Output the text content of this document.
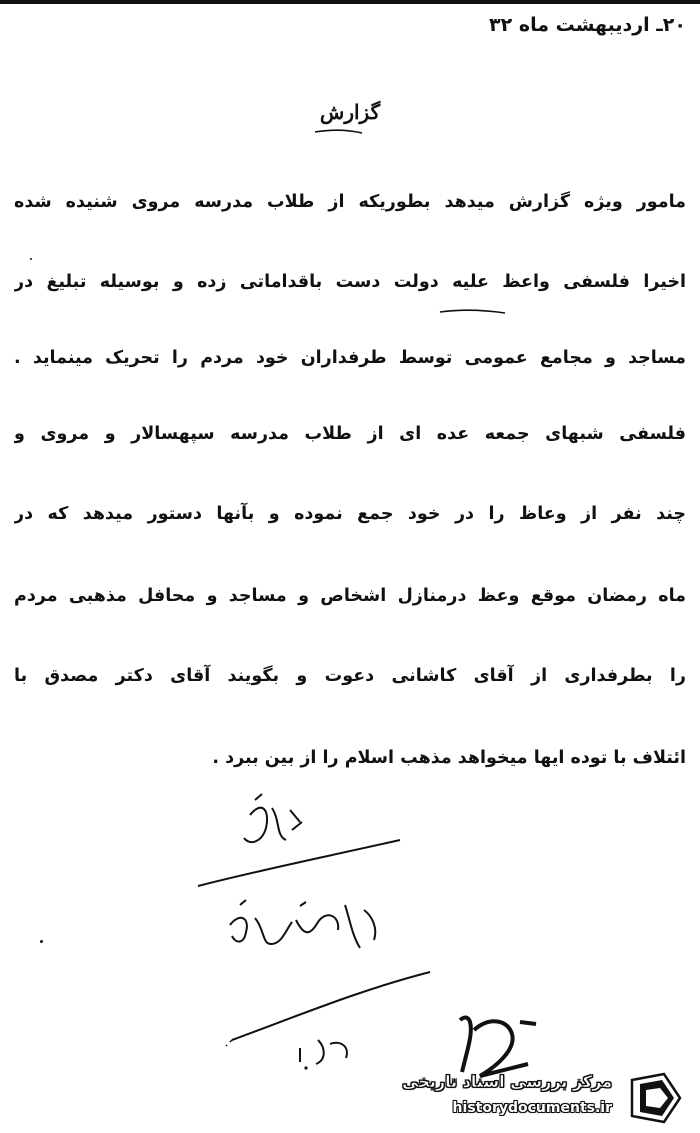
۲۰ـ اردیبهشت ماه ۳۲
گزارش
مامور ویژه گزارش میدهد بطوریکه از طلاب مدرسه مروی شنیده شده
اخیرا فلسفی واعظ علیه دولت دست باقداماتی زده و بوسیله تبلیغ در
مساجد و مجامع عمومی توسط طرفداران خود مردم را تحریک مینماید .
فلسفی شبهای جمعه عده ای از طلاب مدرسه سپهسالار و مروی و
چند نفر از وعاظ را در خود جمع نموده و بآنها دستور میدهد که در
ماه رمضان موقع وعظ درمنازل اشخاص و مساجد و محافل مذهبی مردم
را بطرفداری از آقای کاشانی دعوت و بگویند آقای دکتر مصدق با
ائتلاف با توده ایها میخواهد مذهب اسلام را از بین ببرد .
مرکز بررسی اسناد تاریخی
historydocuments.ir
